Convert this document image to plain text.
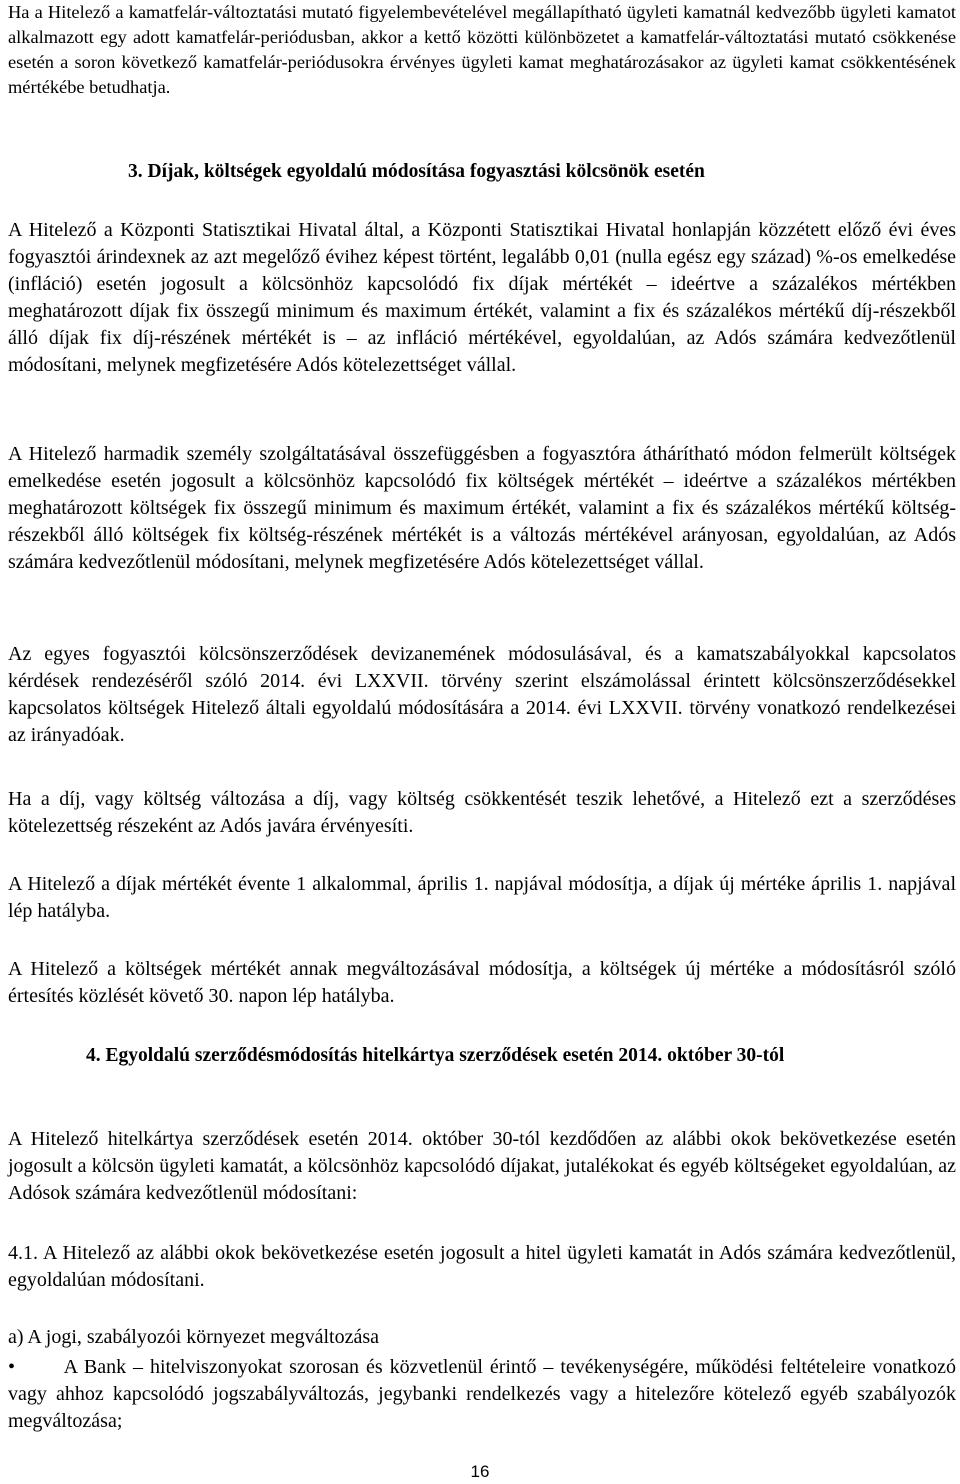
Ha a Hitelező a kamatfelár-változtatási mutató figyelembevételével megállapítható ügyleti kamatnál kedvezőbb ügyleti kamatot alkalmazott egy adott kamatfelár-periódusban, akkor a kettő közötti különbözetet a kamatfelár-változtatási mutató csökkenése esetén a soron következő kamatfelár-periódusokra érvényes ügyleti kamat meghatározásakor az ügyleti kamat csökkentésének mértékébe betudhatja.

3. Díjak, költségek egyoldalú módosítása fogyasztási kölcsönök esetén

A Hitelező a Központi Statisztikai Hivatal által, a Központi Statisztikai Hivatal honlapján közzétett előző évi éves fogyasztói árindexnek az azt megelőző évihez képest történt, legalább 0,01 (nulla egész egy század) %-os emelkedése (infláció) esetén jogosult a kölcsönhöz kapcsolódó fix díjak mértékét – ideértve a százalékos mértékben meghatározott díjak fix összegű minimum és maximum értékét, valamint a fix és százalékos mértékű díj-részekből álló díjak fix díj-részének mértékét is – az infláció mértékével, egyoldalúan, az Adós számára kedvezőtlenül módosítani, melynek megfizetésére Adós kötelezettséget vállal.

A Hitelező harmadik személy szolgáltatásával összefüggésben a fogyasztóra áthárítható módon felmerült költségek emelkedése esetén jogosult a kölcsönhöz kapcsolódó fix költségek mértékét – ideértve a százalékos mértékben meghatározott költségek fix összegű minimum és maximum értékét, valamint a fix és százalékos mértékű költség-részekből álló költségek fix költség-részének mértékét is a változás mértékével arányosan, egyoldalúan, az Adós számára kedvezőtlenül módosítani, melynek megfizetésére Adós kötelezettséget vállal.

Az egyes fogyasztói kölcsönszerződések devizanemének módosulásával, és a kamatszabályokkal kapcsolatos kérdések rendezéséről szóló 2014. évi LXXVII. törvény szerint elszámolással érintett kölcsönszerződésekkel kapcsolatos költségek Hitelező általi egyoldalú módosítására a 2014. évi LXXVII. törvény vonatkozó rendelkezései az irányadóak.

Ha a díj, vagy költség változása a díj, vagy költség csökkentését teszik lehetővé, a Hitelező ezt a szerződéses kötelezettség részeként az Adós javára érvényesíti.

A Hitelező a díjak mértékét évente 1 alkalommal, április 1. napjával módosítja, a díjak új mértéke április 1. napjával lép hatályba.

A Hitelező a költségek mértékét annak megváltozásával módosítja, a költségek új mértéke a módosításról szóló értesítés közlését követő 30. napon lép hatályba.

4. Egyoldalú szerződésmódosítás hitelkártya szerződések esetén 2014. október 30-tól

A Hitelező hitelkártya szerződések esetén 2014. október 30-tól kezdődően az alábbi okok bekövetkezése esetén jogosult a kölcsön ügyleti kamatát, a kölcsönhöz kapcsolódó díjakat, jutalékokat és egyéb költségeket egyoldalúan, az Adósok számára kedvezőtlenül módosítani:

4.1. A Hitelező az alábbi okok bekövetkezése esetén jogosult a hitel ügyleti kamatát in Adós számára kedvezőtlenül, egyoldalúan módosítani.

a) A jogi, szabályozói környezet megváltozása

• A Bank – hitelviszonyokat szorosan és közvetlenül érintő – tevékenységére, működési feltételeire vonatkozó vagy ahhoz kapcsolódó jogszabályváltozás, jegybanki rendelkezés vagy a hitelezőre kötelező egyéb szabályozók megváltozása;

16
